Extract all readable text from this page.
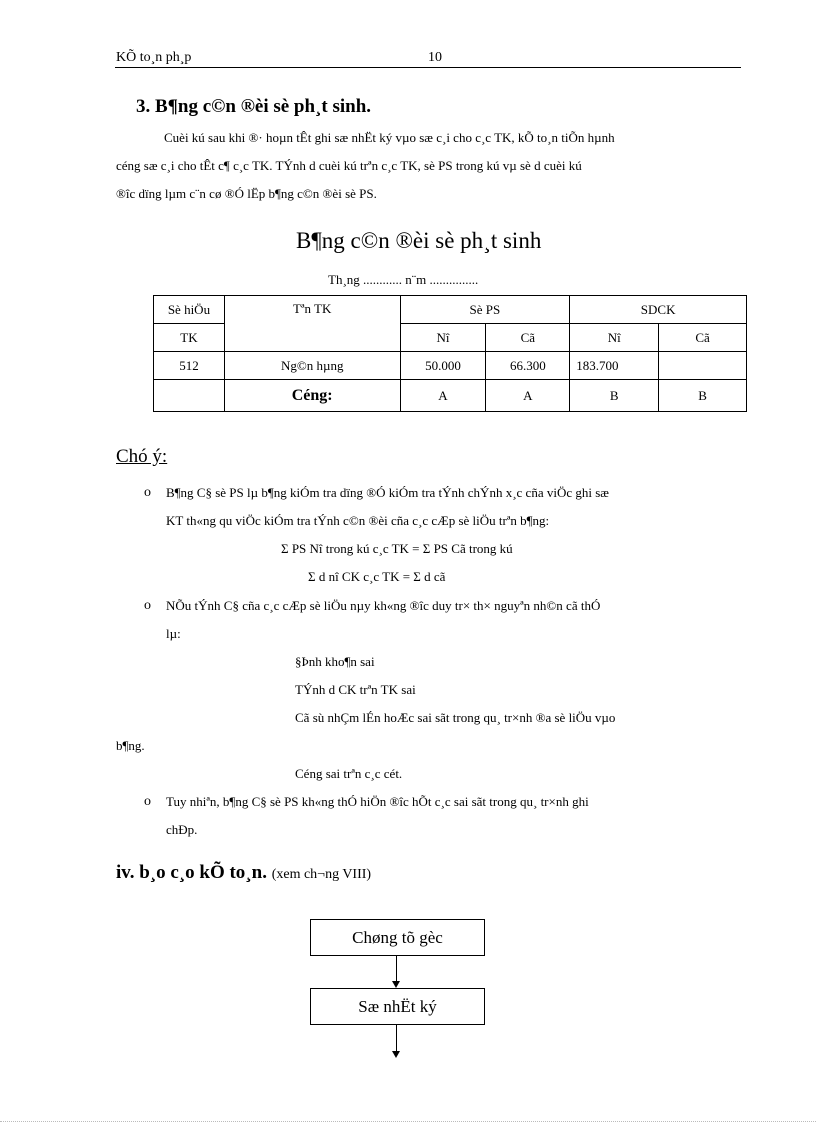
KÕ to¸n ph¸p	10
3. B¶ng c©n ®èi sè ph¸t sinh.
Cuèi kú sau khi ®· hoµn tÊt ghi sæ nhËt ký vµo sæ c¸i cho c¸c TK, kÕ to¸n tiÕn hµnh
céng sæ c¸i cho tÊt c¶ c¸c TK. TÝnh d cuèi kú trªn c¸c TK, sè PS trong kú vµ sè d cuèi kú
®îc dïng lµm c¨n cø ®Ó lËp b¶ng c©n ®èi sè PS.
B¶ng c©n ®èi sè ph¸t sinh
Th¸ng ............ n¨m ...............
Sè hiÖu	Tªn TK	Sè PS		SDCK	
TK		Nî	Cã	Nî	Cã
512	Ng©n hµng	50.000	66.300	183.700	
	Céng:	A	A	B	B
Chó ý:
o B¶ng C§ sè PS lµ b¶ng kiÓm tra dïng ®Ó kiÓm tra tÝnh chÝnh x¸c cña viÖc ghi sæ
KT th«ng qu viÖc kiÓm tra tÝnh c©n ®èi cña c¸c cÆp sè liÖu trªn b¶ng:
Σ PS Nî trong kú c¸c TK = Σ PS Cã trong kú
Σ d nî CK c¸c TK = Σ d cã
o NÕu tÝnh C§ cña c¸c cÆp sè liÖu nµy kh«ng ®îc duy tr× th× nguyªn nh©n cã thÓ
lµ:
§Þnh kho¶n sai
TÝnh d CK trªn TK sai
Cã sù nhÇm lÉn hoÆc sai sãt trong qu¸ tr×nh ®a sè liÖu vµo
b¶ng.
Céng sai trªn c¸c cét.
o Tuy nhiªn, b¶ng C§ sè PS kh«ng thÓ hiÖn ®îc hÕt c¸c sai sãt trong qu¸ tr×nh ghi
chÐp.
iv. b¸o c¸o kÕ to¸n. (xem ch¬ng VIII)
Chøng tõ gèc
Sæ nhËt ký
